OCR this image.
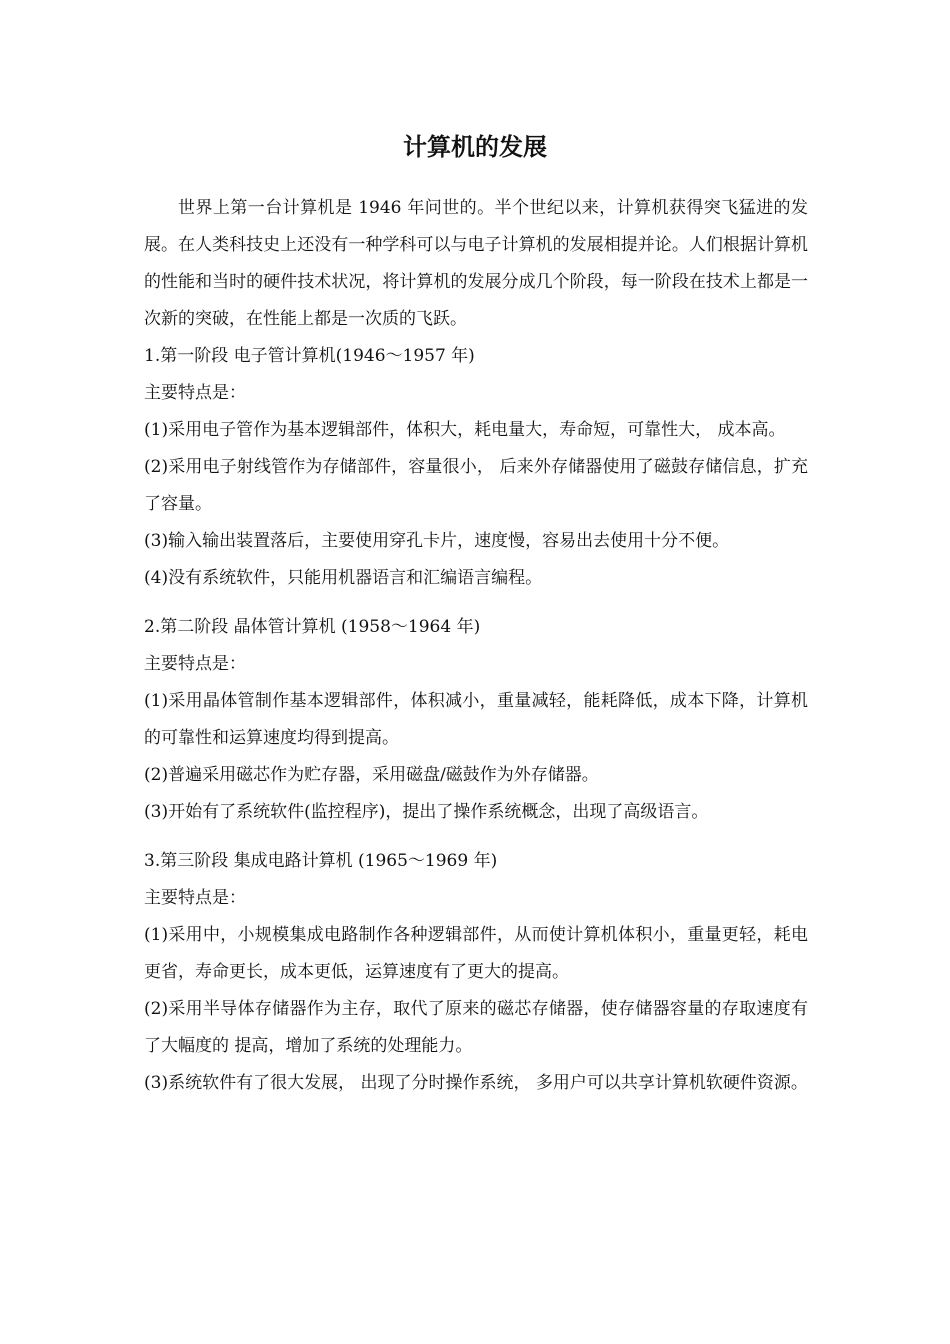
计算机的发展

世界上第一台计算机是 1946 年问世的。半个世纪以来，计算机获得突飞猛进的发展。在人类科技史上还没有一种学科可以与电子计算机的发展相提并论。人们根据计算机的性能和当时的硬件技术状况，将计算机的发展分成几个阶段，每一阶段在技术上都是一次新的突破，在性能上都是一次质的飞跃。

1.第一阶段 电子管计算机(1946～1957 年)

主要特点是：

(1)采用电子管作为基本逻辑部件，体积大，耗电量大，寿命短，可靠性大， 成本高。

(2)采用电子射线管作为存储部件，容量很小， 后来外存储器使用了磁鼓存储信息，扩充了容量。

(3)输入输出装置落后，主要使用穿孔卡片，速度慢，容易出去使用十分不便。

(4)没有系统软件，只能用机器语言和汇编语言编程。

2.第二阶段 晶体管计算机 (1958～1964 年)

主要特点是：

(1)采用晶体管制作基本逻辑部件，体积减小，重量减轻，能耗降低，成本下降，计算机的可靠性和运算速度均得到提高。

(2)普遍采用磁芯作为贮存器，采用磁盘/磁鼓作为外存储器。

(3)开始有了系统软件(监控程序)，提出了操作系统概念，出现了高级语言。

3.第三阶段 集成电路计算机 (1965～1969 年)

主要特点是：

(1)采用中，小规模集成电路制作各种逻辑部件，从而使计算机体积小，重量更轻，耗电更省，寿命更长，成本更低，运算速度有了更大的提高。

(2)采用半导体存储器作为主存，取代了原来的磁芯存储器，使存储器容量的存取速度有了大幅度的 提高，增加了系统的处理能力。

(3)系统软件有了很大发展， 出现了分时操作系统， 多用户可以共享计算机软硬件资源。
